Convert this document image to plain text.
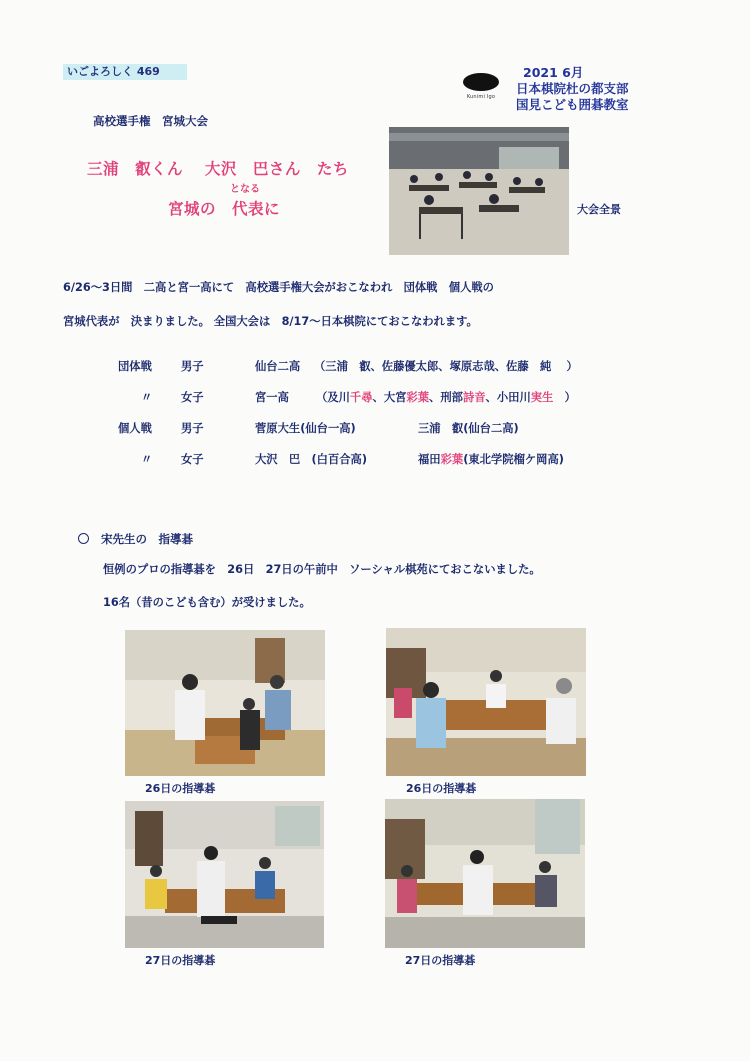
いごよろしく 469
Kunimi Igo
2021 6月
日本棋院杜の都支部
国見こども囲碁教室
高校選手権　宮城大会
三浦　叡くん　 大沢　巴さん　たち
となる
宮城の　代表に	大会全景
6/26～3日間　二高と宮一高にて　高校選手権大会がおこなわれ　団体戦　個人戦の
宮城代表が　決まりました。 全国大会は　8/17～日本棋院にておこなわれます。
団体戦	男子	仙台二高 （三浦　叡、佐藤優太郎、塚原志哉、佐藤　純　 ）
〃	女子	宮一高 （及川千尋、大宮彩葉、刑部詩音、小田川実生　）
個人戦	男子	菅原大生(仙台一高)	三浦　叡(仙台二高)
〃	女子	大沢　巴　(白百合高)	福田彩葉(東北学院榴ケ岡高)
宋先生の　指導碁
恒例のプロの指導碁を　26日　27日の午前中　ソーシャル棋苑にておこないました。
16名（昔のこども含む）が受けました。
26日の指導碁	26日の指導碁
27日の指導碁	27日の指導碁
